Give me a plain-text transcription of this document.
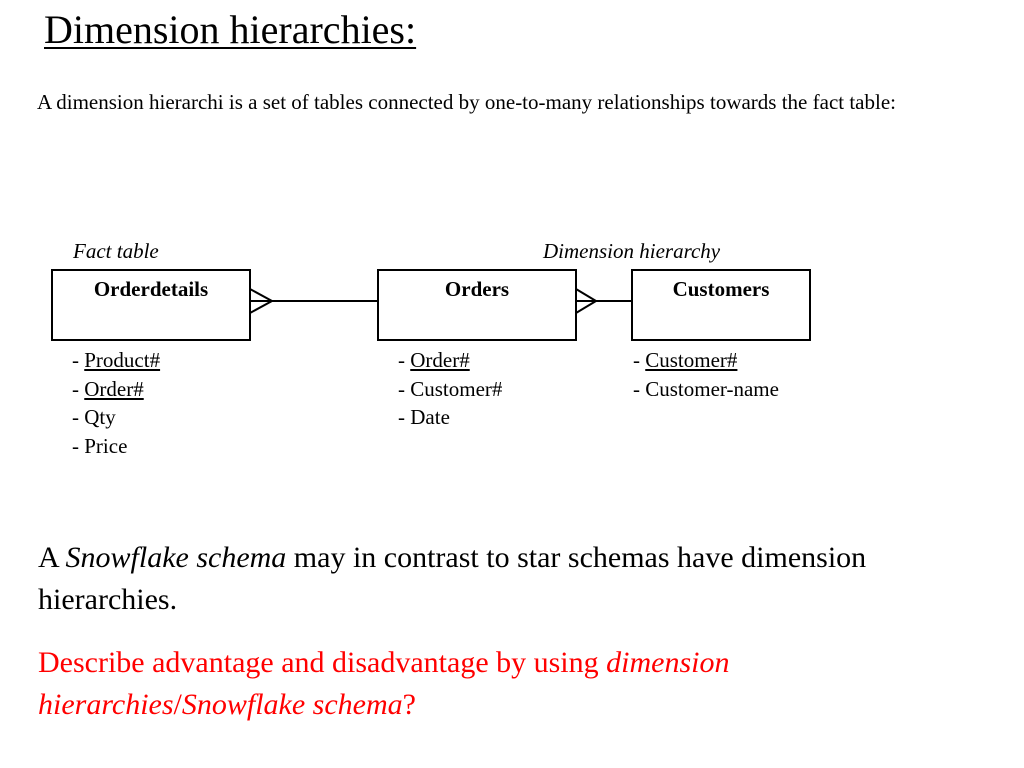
Dimension hierarchies:
A dimension hierarchi is a set of tables connected by one-to-many relationships towards the fact table:
Fact table	Dimension hierarchy
Orderdetails	Orders	Customers
- Product#
- Order#
- Qty
- Price
- Order#
- Customer#
- Date
- Customer#
- Customer-name
A Snowflake schema may in contrast to star schemas have dimension hierarchies.
Describe advantage and disadvantage by using dimension hierarchies/Snowflake schema?
